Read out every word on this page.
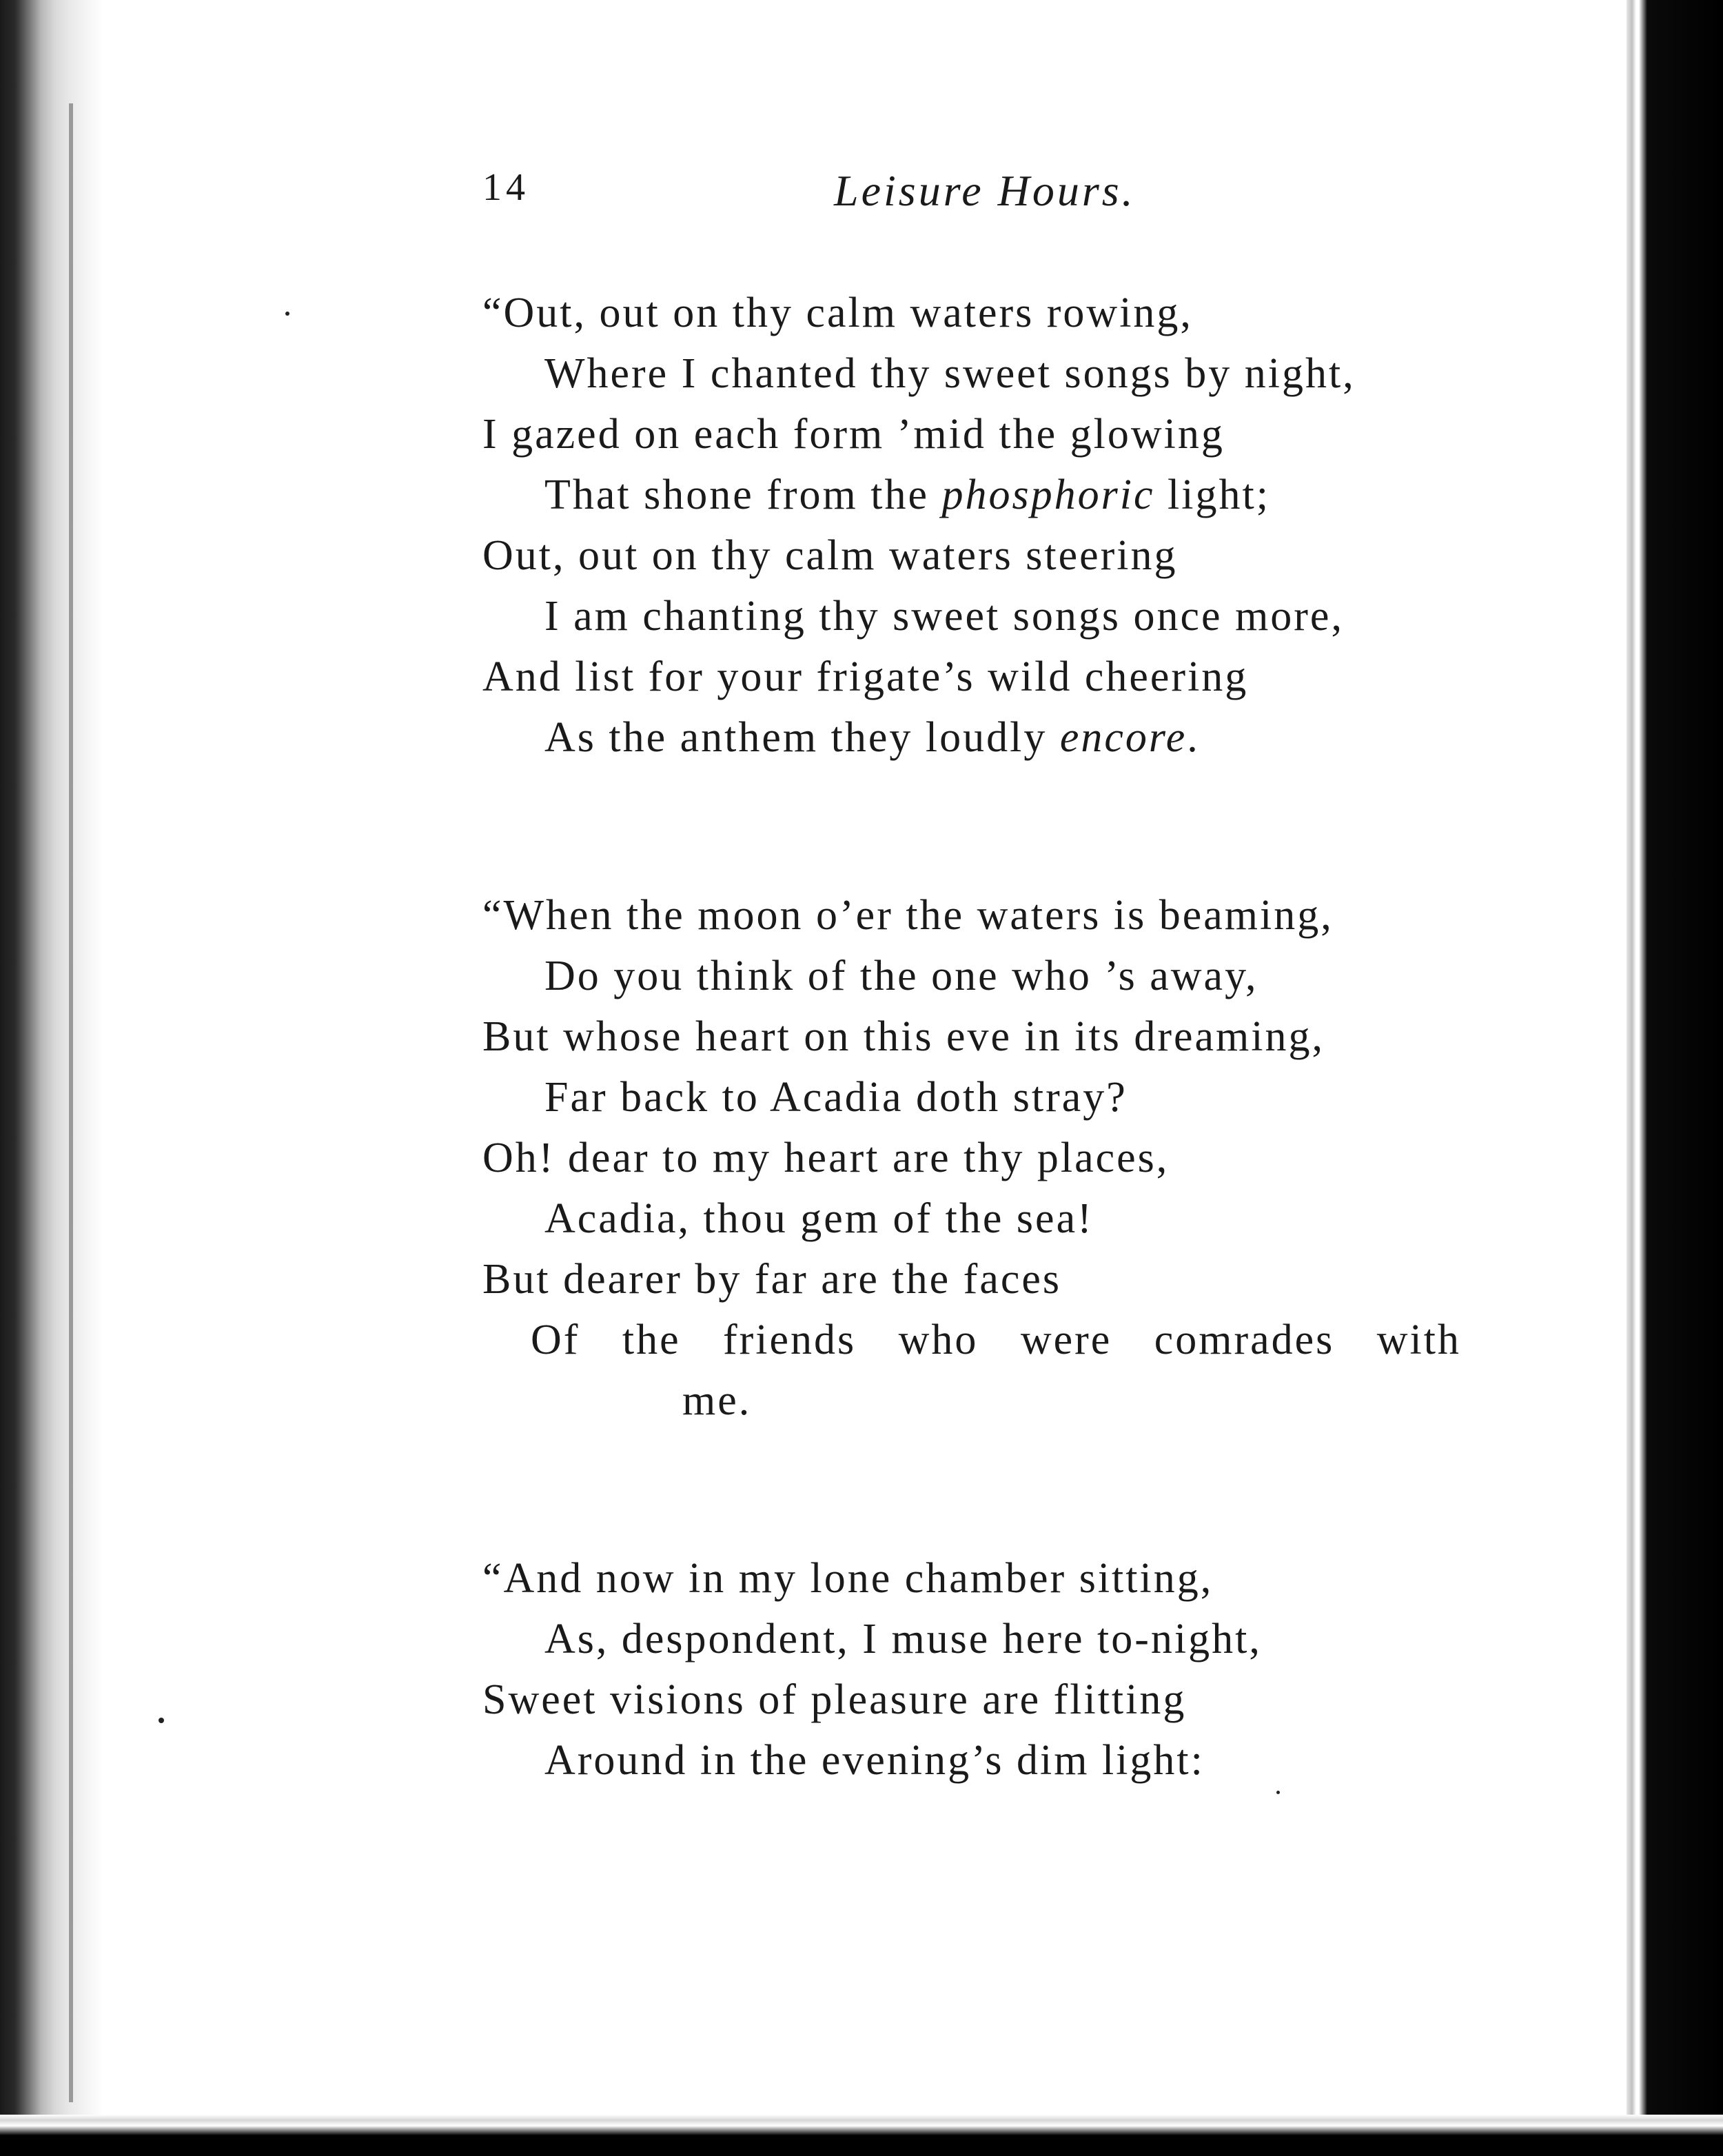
14	Leisure Hours.
“Out, out on thy calm waters rowing,
Where I chanted thy sweet songs by night,
I gazed on each form ’mid the glowing
That shone from the phosphoric light;
Out, out on thy calm waters steering
I am chanting thy sweet songs once more,
And list for your frigate’s wild cheering
As the anthem they loudly encore.
“When the moon o’er the waters is beaming,
Do you think of the one who ’s away,
But whose heart on this eve in its dreaming,
Far back to Acadia doth stray?
Oh! dear to my heart are thy places,
Acadia, thou gem of the sea!
But dearer by far are the faces
Of the friends who were comrades with
me.
“And now in my lone chamber sitting,
As, despondent, I muse here to-night,
Sweet visions of pleasure are flitting
Around in the evening’s dim light:
